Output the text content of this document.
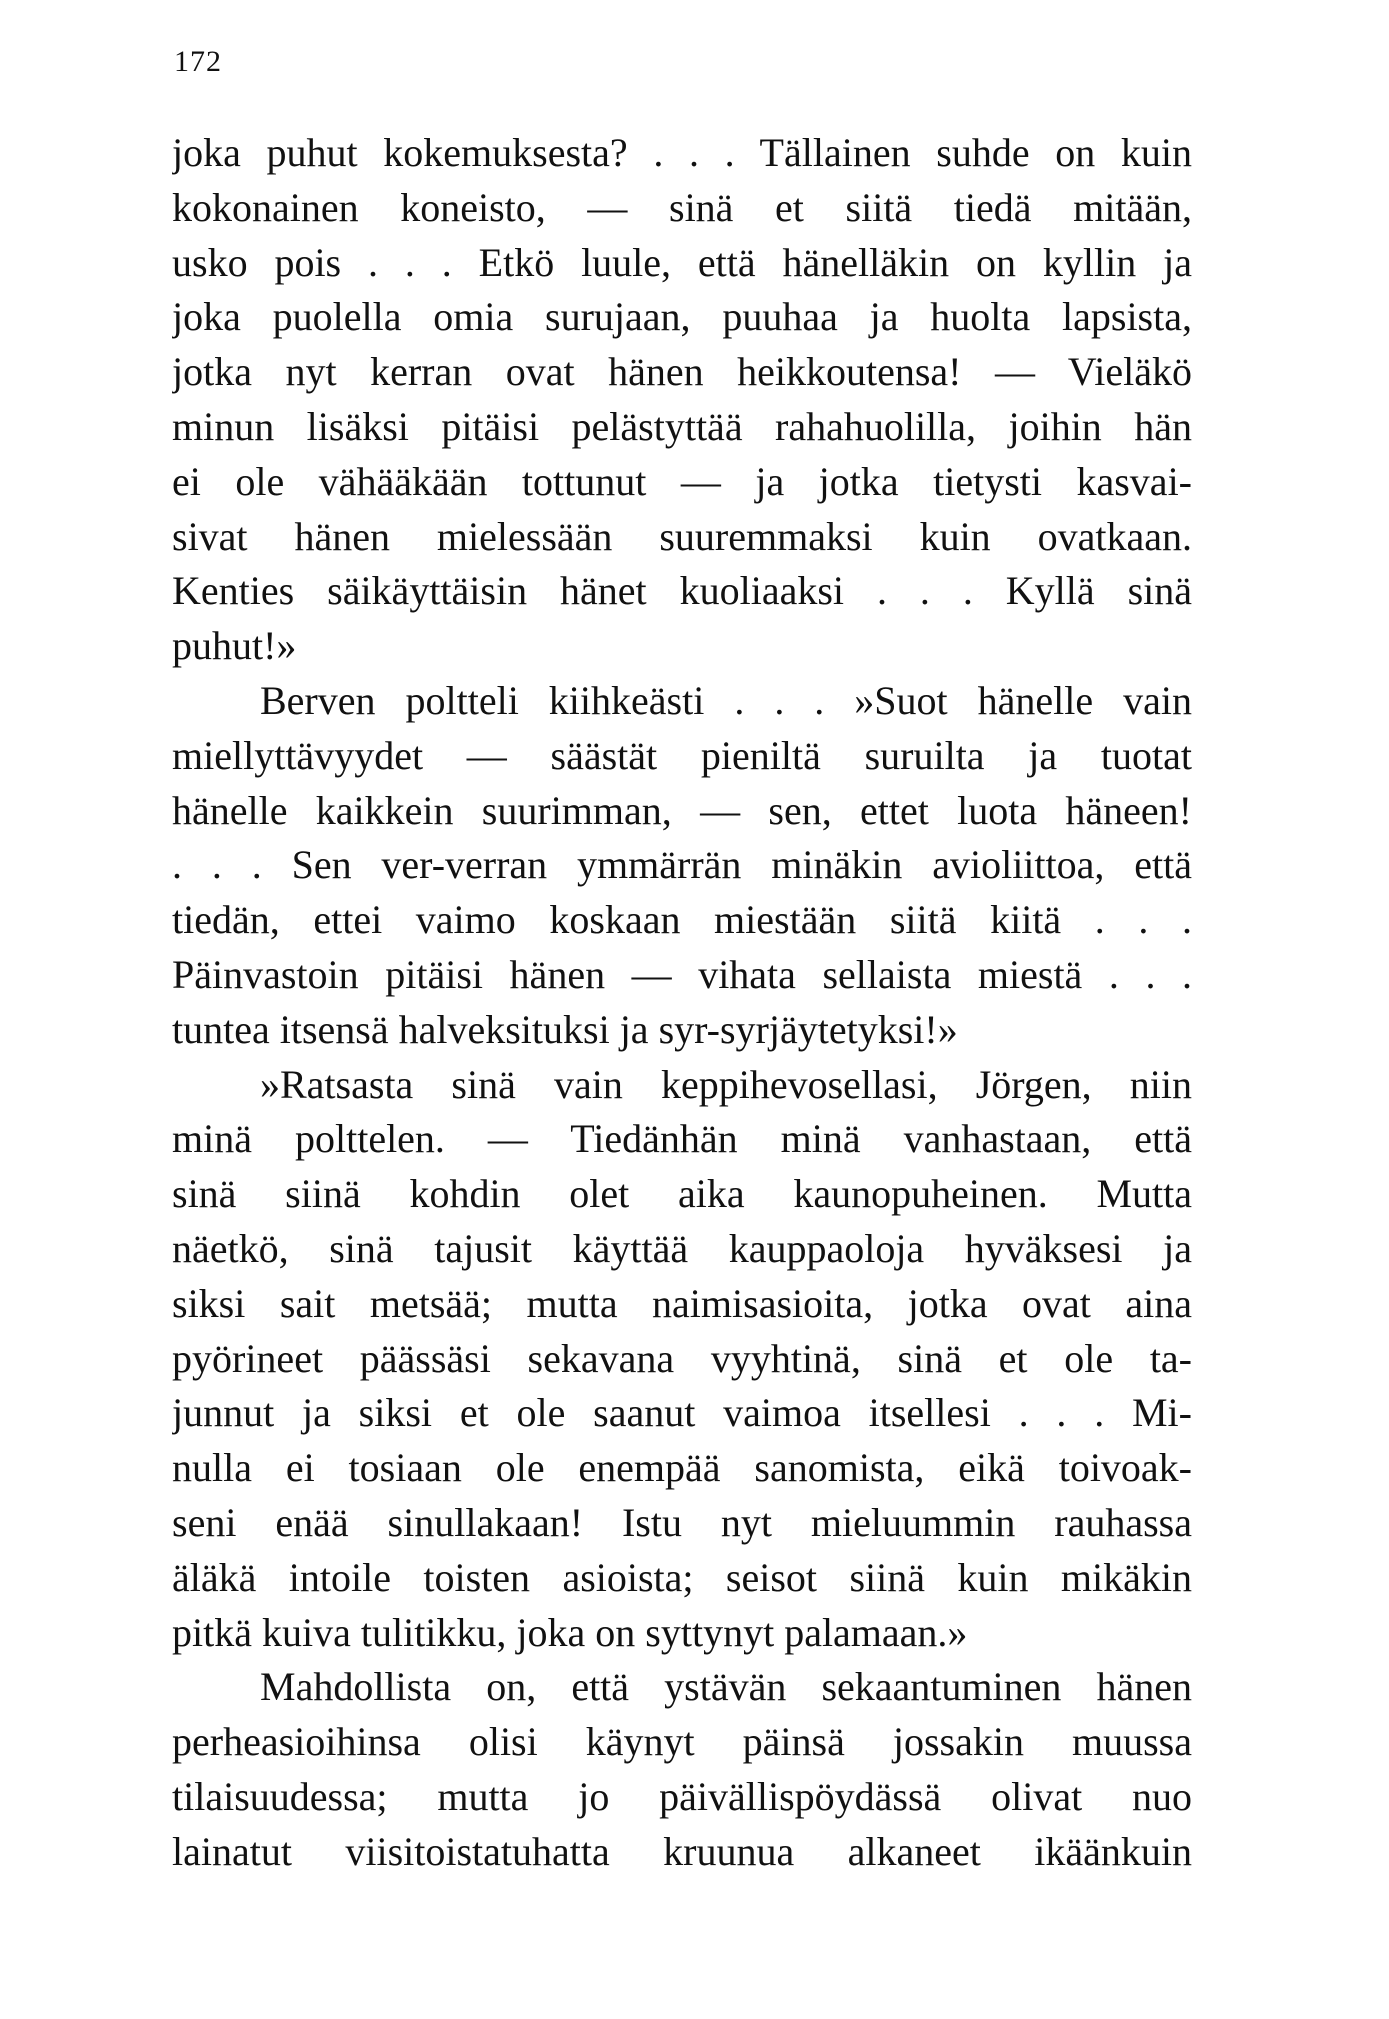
172
joka puhut kokemuksesta? . . . Tällainen suhde on kuin
kokonainen koneisto, — sinä et siitä tiedä mitään,
usko pois . . . Etkö luule, että hänelläkin on kyllin ja
joka puolella omia surujaan, puuhaa ja huolta lapsista,
jotka nyt kerran ovat hänen heikkoutensa! — Vieläkö
minun lisäksi pitäisi pelästyttää rahahuolilla, joihin hän
ei ole vähääkään tottunut — ja jotka tietysti kasvai-
sivat hänen mielessään suuremmaksi kuin ovatkaan.
Kenties säikäyttäisin hänet kuoliaaksi . . . Kyllä sinä
puhut!»
Berven poltteli kiihkeästi . . . »Suot hänelle vain
miellyttävyydet — säästät pieniltä suruilta ja tuotat
hänelle kaikkein suurimman, — sen, ettet luota häneen!
. . . Sen ver-verran ymmärrän minäkin avioliittoa, että
tiedän, ettei vaimo koskaan miestään siitä kiitä . . .
Päinvastoin pitäisi hänen — vihata sellaista miestä . . .
tuntea itsensä halveksituksi ja syr-syrjäytetyksi!»
»Ratsasta sinä vain keppihevosellasi, Jörgen, niin
minä polttelen. — Tiedänhän minä vanhastaan, että
sinä siinä kohdin olet aika kaunopuheinen. Mutta
näetkö, sinä tajusit käyttää kauppaoloja hyväksesi ja
siksi sait metsää; mutta naimisasioita, jotka ovat aina
pyörineet päässäsi sekavana vyyhtinä, sinä et ole ta-
junnut ja siksi et ole saanut vaimoa itsellesi . . . Mi-
nulla ei tosiaan ole enempää sanomista, eikä toivoak-
seni enää sinullakaan! Istu nyt mieluummin rauhassa
äläkä intoile toisten asioista; seisot siinä kuin mikäkin
pitkä kuiva tulitikku, joka on syttynyt palamaan.»
Mahdollista on, että ystävän sekaantuminen hänen
perheasioihinsa olisi käynyt päinsä jossakin muussa
tilaisuudessa; mutta jo päivällispöydässä olivat nuo
lainatut viisitoistatuhatta kruunua alkaneet ikäänkuin
